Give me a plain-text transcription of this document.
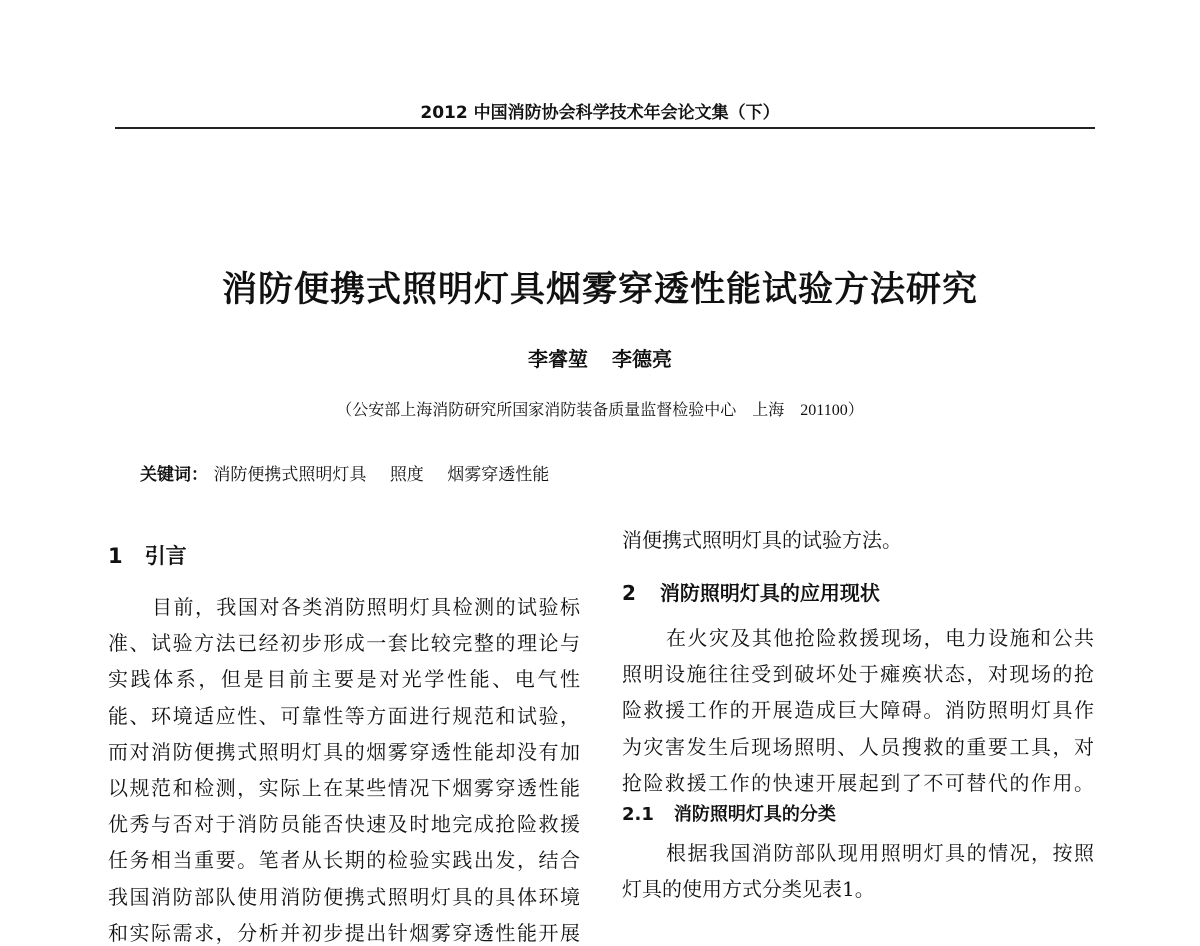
2012 中国消防协会科学技术年会论文集（下）
消防便携式照明灯具烟雾穿透性能试验方法研究
李睿堃 李德亮
（公安部上海消防研究所国家消防装备质量监督检验中心　上海　201100）
关键词： 消防便携式照明灯具 照度 烟雾穿透性能
1 引言
目前，我国对各类消防照明灯具检测的试验标
准、试验方法已经初步形成一套比较完整的理论与
实践体系，但是目前主要是对光学性能、电气性
能、环境适应性、可靠性等方面进行规范和试验，
而对消防便携式照明灯具的烟雾穿透性能却没有加
以规范和检测，实际上在某些情况下烟雾穿透性能
优秀与否对于消防员能否快速及时地完成抢险救援
任务相当重要。笔者从长期的检验实践出发，结合
我国消防部队使用消防便携式照明灯具的具体环境
和实际需求，分析并初步提出针烟雾穿透性能开展
消便携式照明灯具的试验方法。
2 消防照明灯具的应用现状
在火灾及其他抢险救援现场，电力设施和公共
照明设施往往受到破坏处于瘫痪状态，对现场的抢
险救援工作的开展造成巨大障碍。消防照明灯具作
为灾害发生后现场照明、人员搜救的重要工具，对
抢险救援工作的快速开展起到了不可替代的作用。
2.1 消防照明灯具的分类
根据我国消防部队现用照明灯具的情况，按照
灯具的使用方式分类见表1。
